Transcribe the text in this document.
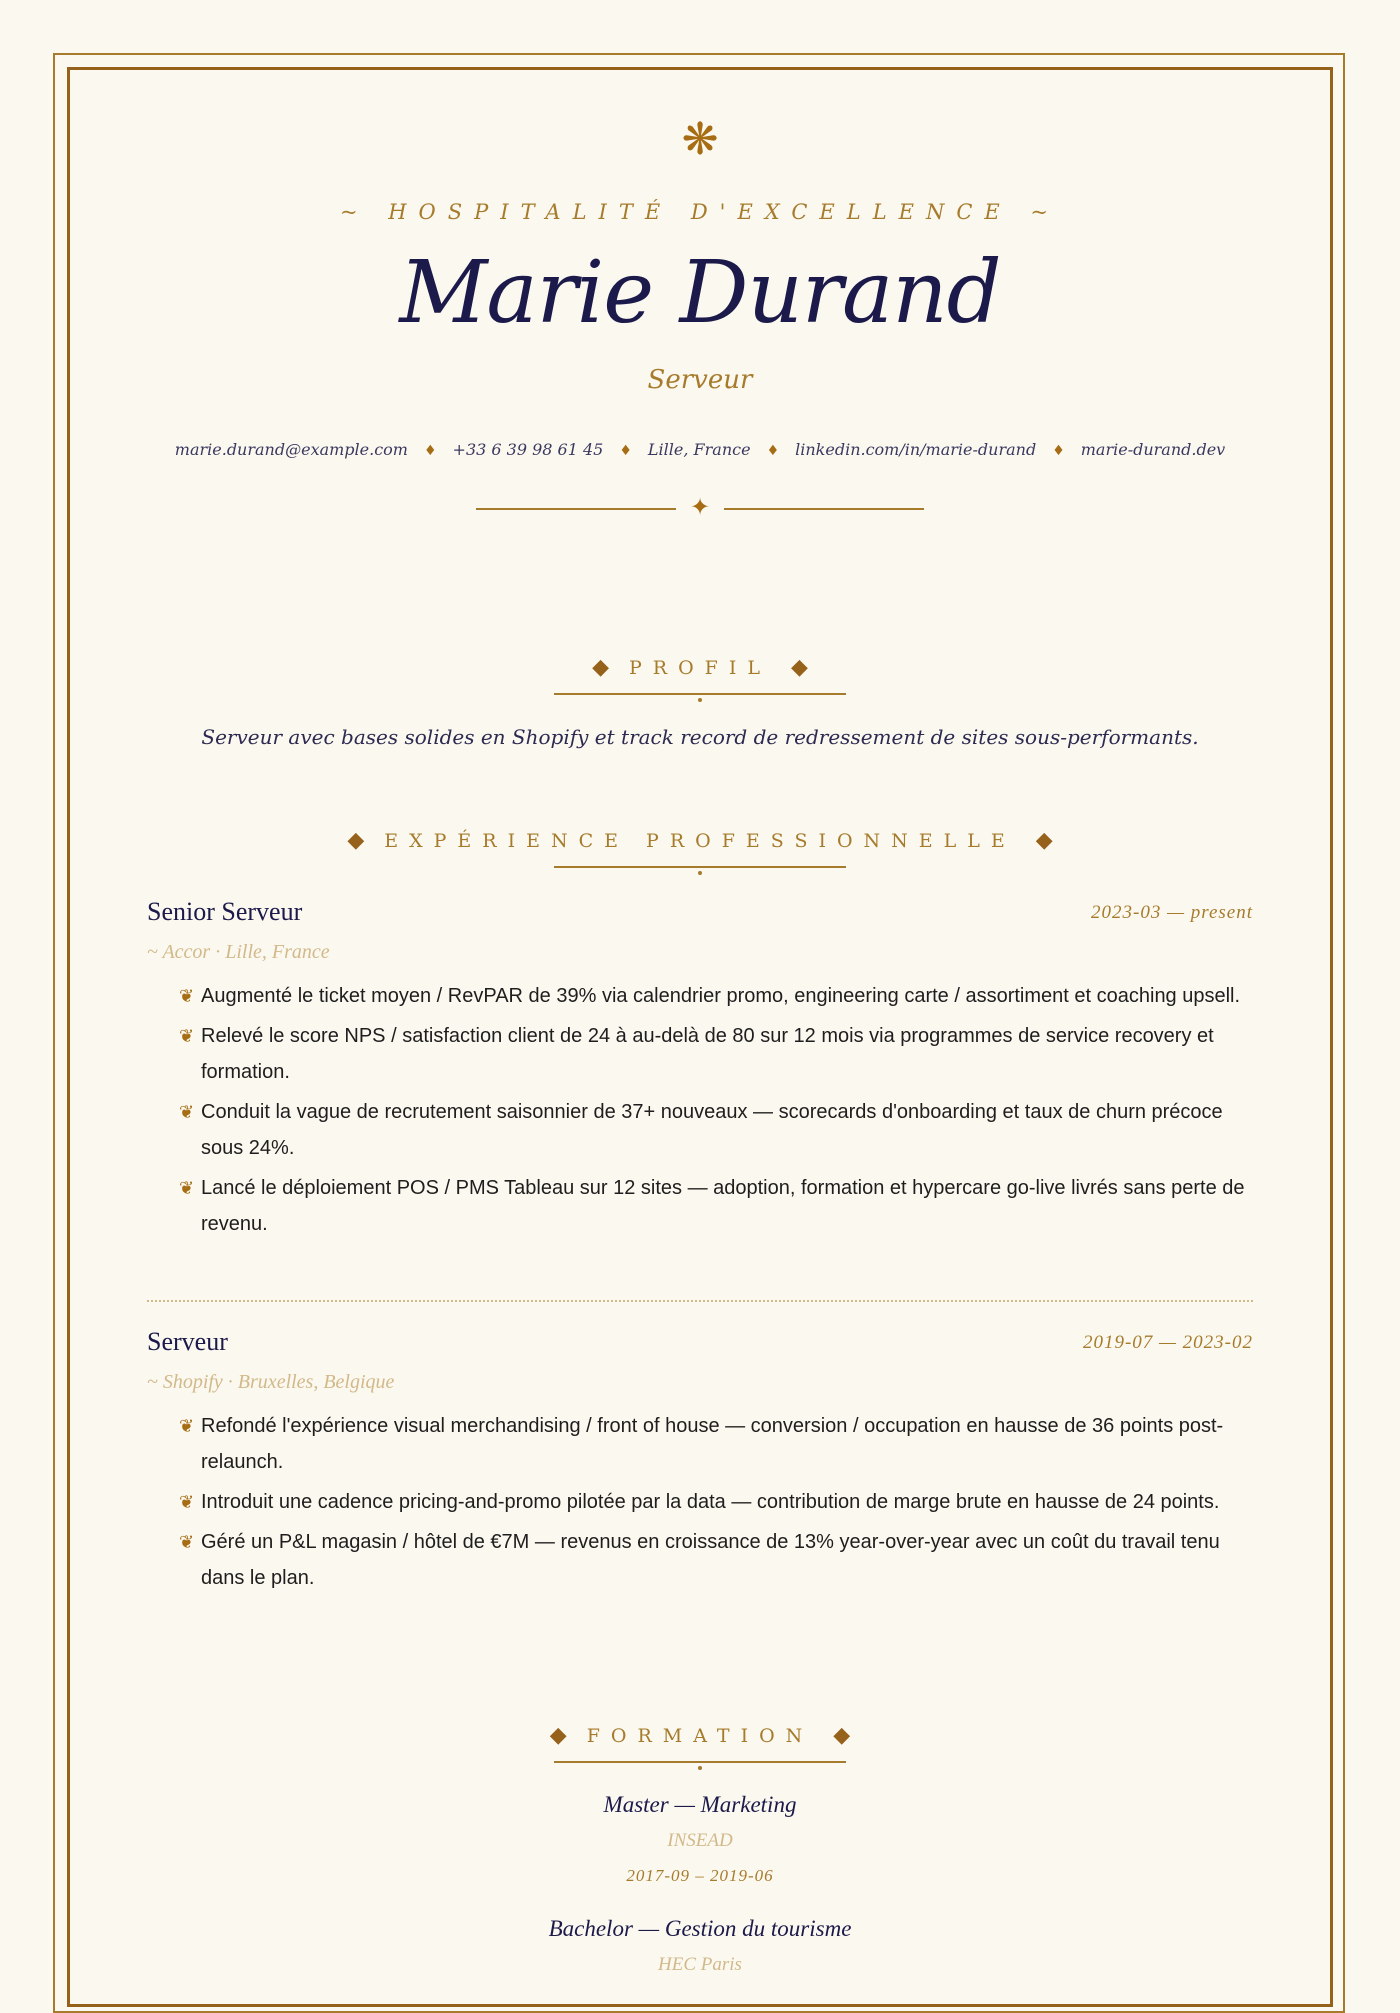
❋
~ HOSPITALITÉ D'EXCELLENCE ~
Marie Durand
Serveur
marie.durand@example.com ♦ +33 6 39 98 61 45 ♦ Lille, France ♦ linkedin.com/in/marie-durand ♦ marie-durand.dev
✦
◆ PROFIL ◆
Serveur avec bases solides en Shopify et track record de redressement de sites sous-performants.
◆ EXPÉRIENCE PROFESSIONNELLE ◆
Senior Serveur	2023-03 — present
~ Accor · Lille, France
❦ Augmenté le ticket moyen / RevPAR de 39% via calendrier promo, engineering carte / assortiment et coaching upsell.
❦ Relevé le score NPS / satisfaction client de 24 à au-delà de 80 sur 12 mois via programmes de service recovery et formation.
❦ Conduit la vague de recrutement saisonnier de 37+ nouveaux — scorecards d'onboarding et taux de churn précoce sous 24%.
❦ Lancé le déploiement POS / PMS Tableau sur 12 sites — adoption, formation et hypercare go-live livrés sans perte de revenu.
Serveur	2019-07 — 2023-02
~ Shopify · Bruxelles, Belgique
❦ Refondé l'expérience visual merchandising / front of house — conversion / occupation en hausse de 36 points post-relaunch.
❦ Introduit une cadence pricing-and-promo pilotée par la data — contribution de marge brute en hausse de 24 points.
❦ Géré un P&L magasin / hôtel de €7M — revenus en croissance de 13% year-over-year avec un coût du travail tenu dans le plan.
◆ FORMATION ◆
Master — Marketing
INSEAD
2017-09 – 2019-06
Bachelor — Gestion du tourisme
HEC Paris
